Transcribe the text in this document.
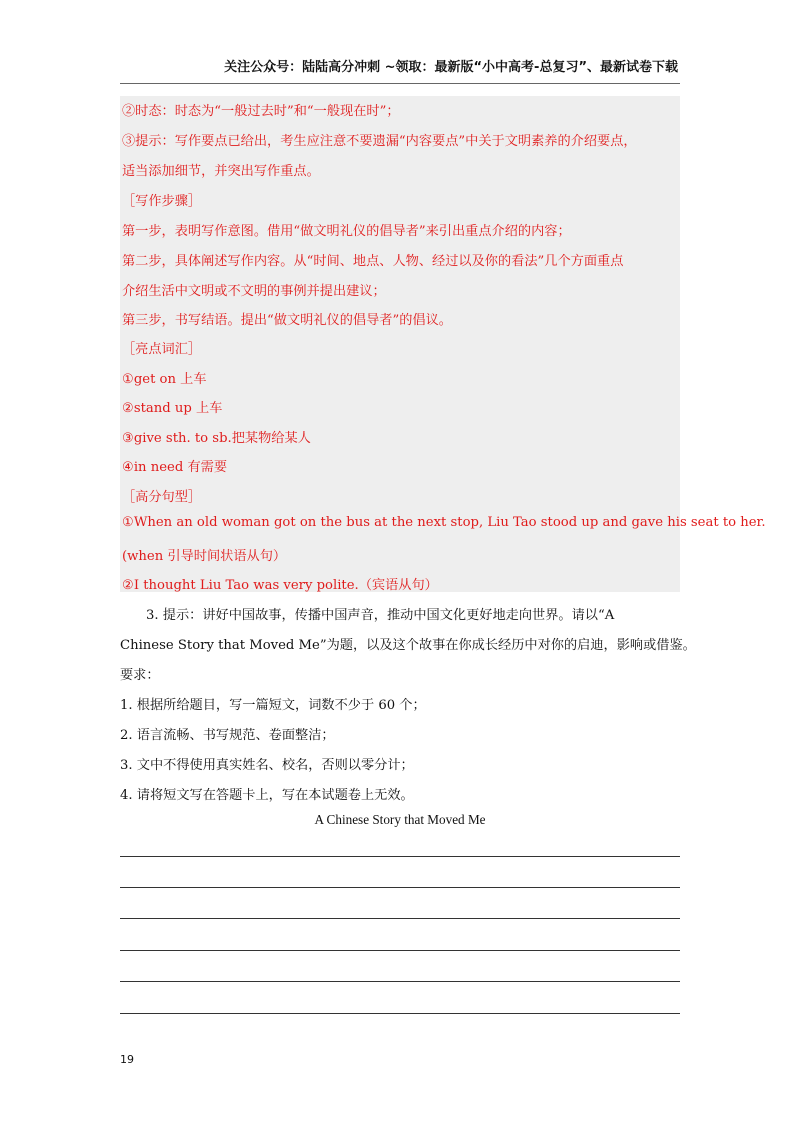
关注公众号：陆陆高分冲刺 ~领取：最新版“小中高考-总复习”、最新试卷下载
②时态：时态为“一般过去时”和“一般现在时”；
③提示：写作要点已给出，考生应注意不要遗漏“内容要点”中关于文明素养的介绍要点，
适当添加细节，并突出写作重点。
［写作步骤］
第一步，表明写作意图。借用“做文明礼仪的倡导者”来引出重点介绍的内容；
第二步，具体阐述写作内容。从“时间、地点、人物、经过以及你的看法”几个方面重点
介绍生活中文明或不文明的事例并提出建议；
第三步，书写结语。提出“做文明礼仪的倡导者”的倡议。
［亮点词汇］
①get on 上车
②stand up 上车
③give sth. to sb.把某物给某人
④in need 有需要
［高分句型］
①When an old woman got on the bus at the next stop, Liu Tao stood up and gave his seat to her.
(when 引导时间状语从句）
②I thought Liu Tao was very polite.（宾语从句）
3. 提示：讲好中国故事，传播中国声音，推动中国文化更好地走向世界。请以“A
Chinese Story that Moved Me”为题，以及这个故事在你成长经历中对你的启迪，影响或借鉴。
要求：
1. 根据所给题目，写一篇短文，词数不少于 60 个；
2. 语言流畅、书写规范、卷面整洁；
3. 文中不得使用真实姓名、校名，否则以零分计；
4. 请将短文写在答题卡上，写在本试题卷上无效。
A Chinese Story that Moved Me
19
